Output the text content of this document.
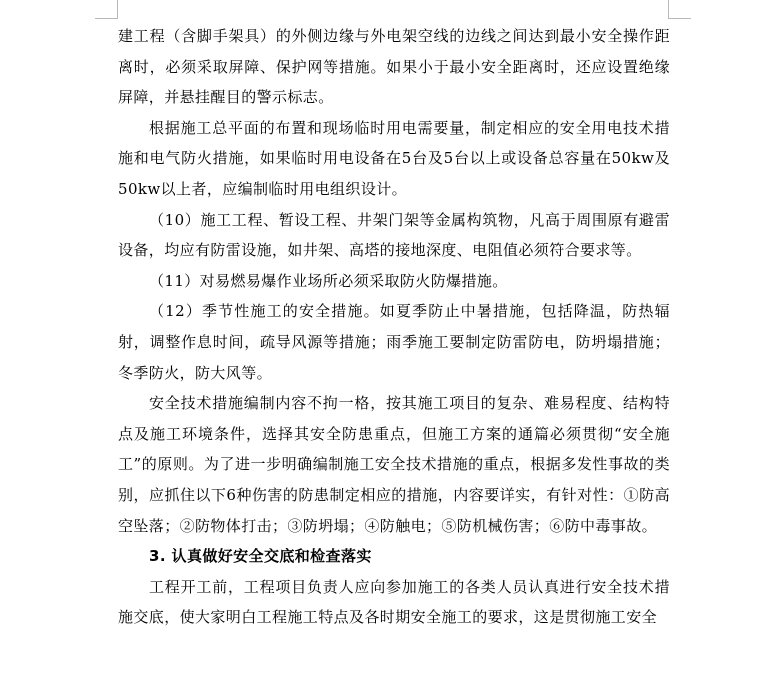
建工程（含脚手架具）的外侧边缘与外电架空线的边线之间达到最小安全操作距离时，必须采取屏障、保护网等措施。如果小于最小安全距离时，还应设置绝缘屏障，并悬挂醒目的警示标志。

根据施工总平面的布置和现场临时用电需要量，制定相应的安全用电技术措施和电气防火措施，如果临时用电设备在5台及5台以上或设备总容量在50kw及50kw以上者，应编制临时用电组织设计。

（10）施工工程、暂设工程、井架门架等金属构筑物，凡高于周围原有避雷设备，均应有防雷设施，如井架、高塔的接地深度、电阻值必须符合要求等。

（11）对易燃易爆作业场所必须采取防火防爆措施。

（12）季节性施工的安全措施。如夏季防止中暑措施，包括降温，防热辐射，调整作息时间，疏导风源等措施；雨季施工要制定防雷防电，防坍塌措施；冬季防火，防大风等。

安全技术措施编制内容不拘一格，按其施工项目的复杂、难易程度、结构特点及施工环境条件，选择其安全防患重点，但施工方案的通篇必须贯彻“安全施工”的原则。为了进一步明确编制施工安全技术措施的重点，根据多发性事故的类别，应抓住以下6种伤害的防患制定相应的措施，内容要详实，有针对性：①防高空坠落；②防物体打击；③防坍塌；④防触电；⑤防机械伤害；⑥防中毒事故。

3. 认真做好安全交底和检查落实

工程开工前，工程项目负责人应向参加施工的各类人员认真进行安全技术措施交底，使大家明白工程施工特点及各时期安全施工的要求，这是贯彻施工安全
